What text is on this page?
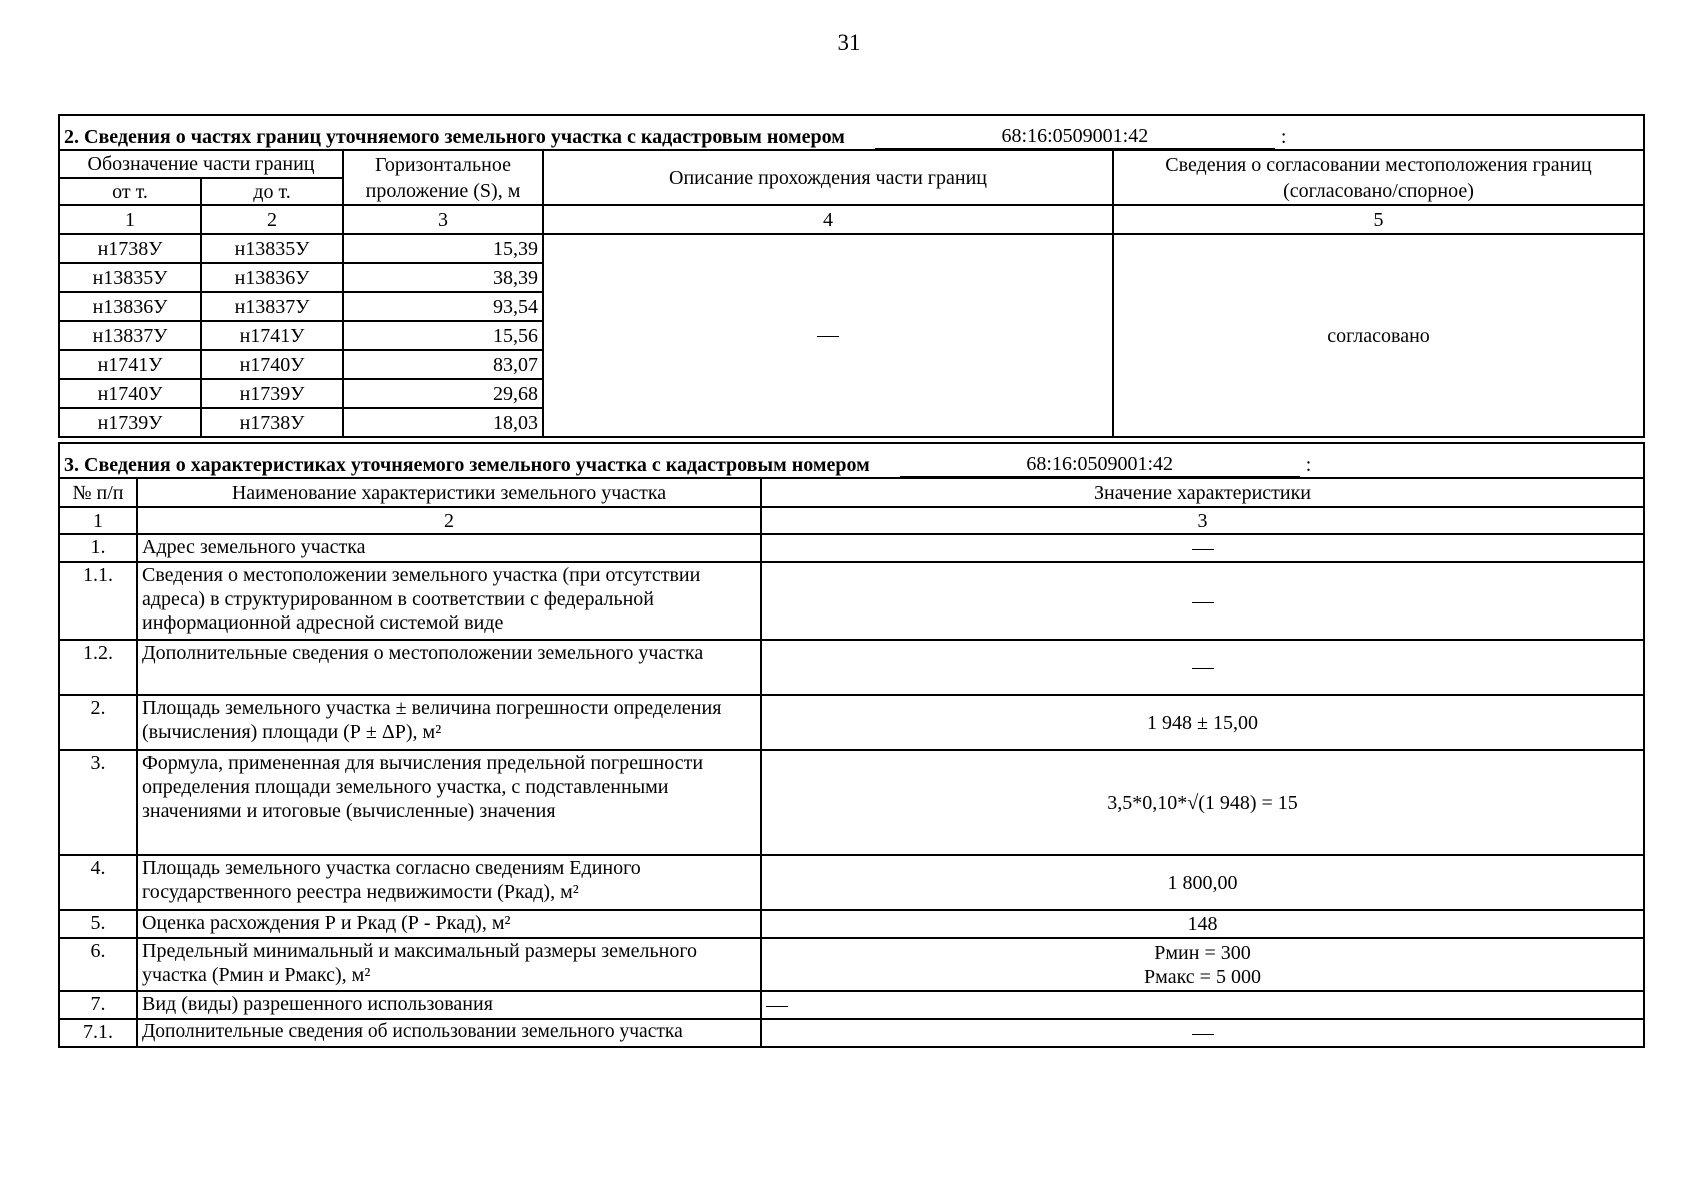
31
2. Сведения о частях границ уточняемого земельного участка с кадастровым номером 68:16:0509001:42 :				

Обозначение части границ		Горизонтальное проложение (S), м	Описание прохождения части границ	Сведения о согласовании местоположения границ (согласовано/спорное)
от т.	до т.			
1	2	3	4	5
н1738У	н13835У	15,39		согласовано
н13835У	н13836У	38,39		
н13836У	н13837У	93,54		
н13837У	н1741У	15,56		
н1741У	н1740У	83,07		
н1740У	н1739У	29,68		
н1739У	н1738У	18,03		
3. Сведения о характеристиках уточняемого земельного участка с кадастровым номером 68:16:0509001:42 :		

№ п/п	Наименование характеристики земельного участка	Значение характеристики
1	2	3
1.	Адрес земельного участка	
1.1.	Сведения о местоположении земельного участка (при отсутствии адреса) в структурированном в соответствии с федеральной информационной адресной системой виде	
1.2.	Дополнительные сведения о местоположении земельного участка	
2.	Площадь земельного участка ± величина погрешности определения (вычисления) площади (Р ± ΔР), м²	1 948 ± 15,00
3.	Формула, примененная для вычисления предельной погрешности определения площади земельного участка, с подставленными значениями и итоговые (вычисленные) значения	3,5*0,10*√(1 948) = 15
4.	Площадь земельного участка согласно сведениям Единого государственного реестра недвижимости (Ркад), м²	1 800,00
5.	Оценка расхождения Р и Ркад (Р - Ркад), м²	148
6.	Предельный минимальный и максимальный размеры земельного участка (Рмин и Рмакс), м²	Рмин = 300
Рмакс = 5 000

7.	Вид (виды) разрешенного использования	
7.1.	Дополнительные сведения об использовании земельного участка	
